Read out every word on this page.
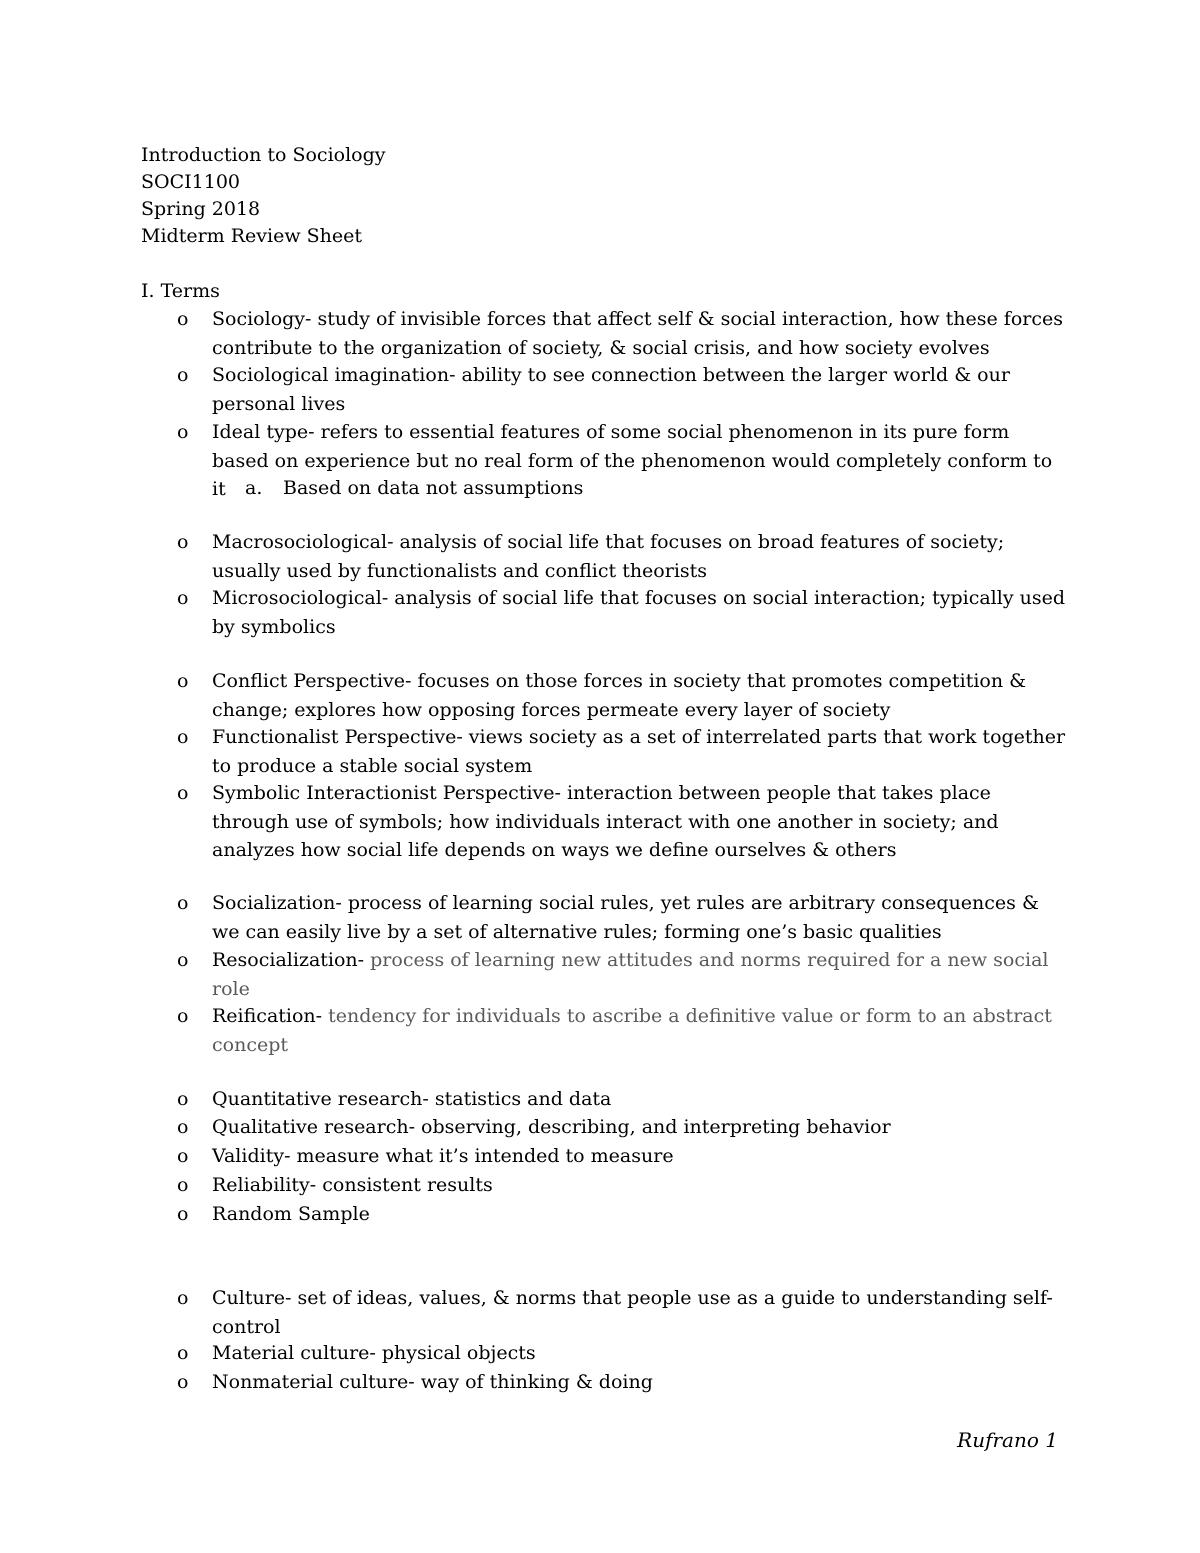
Introduction to Sociology
SOCI1100
Spring 2018
Midterm Review Sheet
I. Terms
o Sociology- study of invisible forces that affect self & social interaction, how these forces contribute to the organization of society, & social crisis, and how society evolves
o Sociological imagination- ability to see connection between the larger world & our personal lives
o Ideal type- refers to essential features of some social phenomenon in its pure form based on experience but no real form of the phenomenon would completely conform to it	a. Based on data not assumptions
o Macrosociological- analysis of social life that focuses on broad features of society; usually used by functionalists and conflict theorists
o Microsociological- analysis of social life that focuses on social interaction; typically used by symbolics
o Conflict Perspective- focuses on those forces in society that promotes competition & change; explores how opposing forces permeate every layer of society
o Functionalist Perspective- views society as a set of interrelated parts that work together to produce a stable social system
o Symbolic Interactionist Perspective- interaction between people that takes place through use of symbols; how individuals interact with one another in society; and analyzes how social life depends on ways we define ourselves & others
o Socialization- process of learning social rules, yet rules are arbitrary consequences & we can easily live by a set of alternative rules; forming one’s basic qualities
o Resocialization- process of learning new attitudes and norms required for a new social role
o Reification- tendency for individuals to ascribe a definitive value or form to an abstract concept
o Quantitative research- statistics and data
o Qualitative research- observing, describing, and interpreting behavior
o Validity- measure what it’s intended to measure
o Reliability- consistent results
o Random Sample
o Culture- set of ideas, values, & norms that people use as a guide to understanding self-control
o Material culture- physical objects
o Nonmaterial culture- way of thinking & doing
Rufrano 1
